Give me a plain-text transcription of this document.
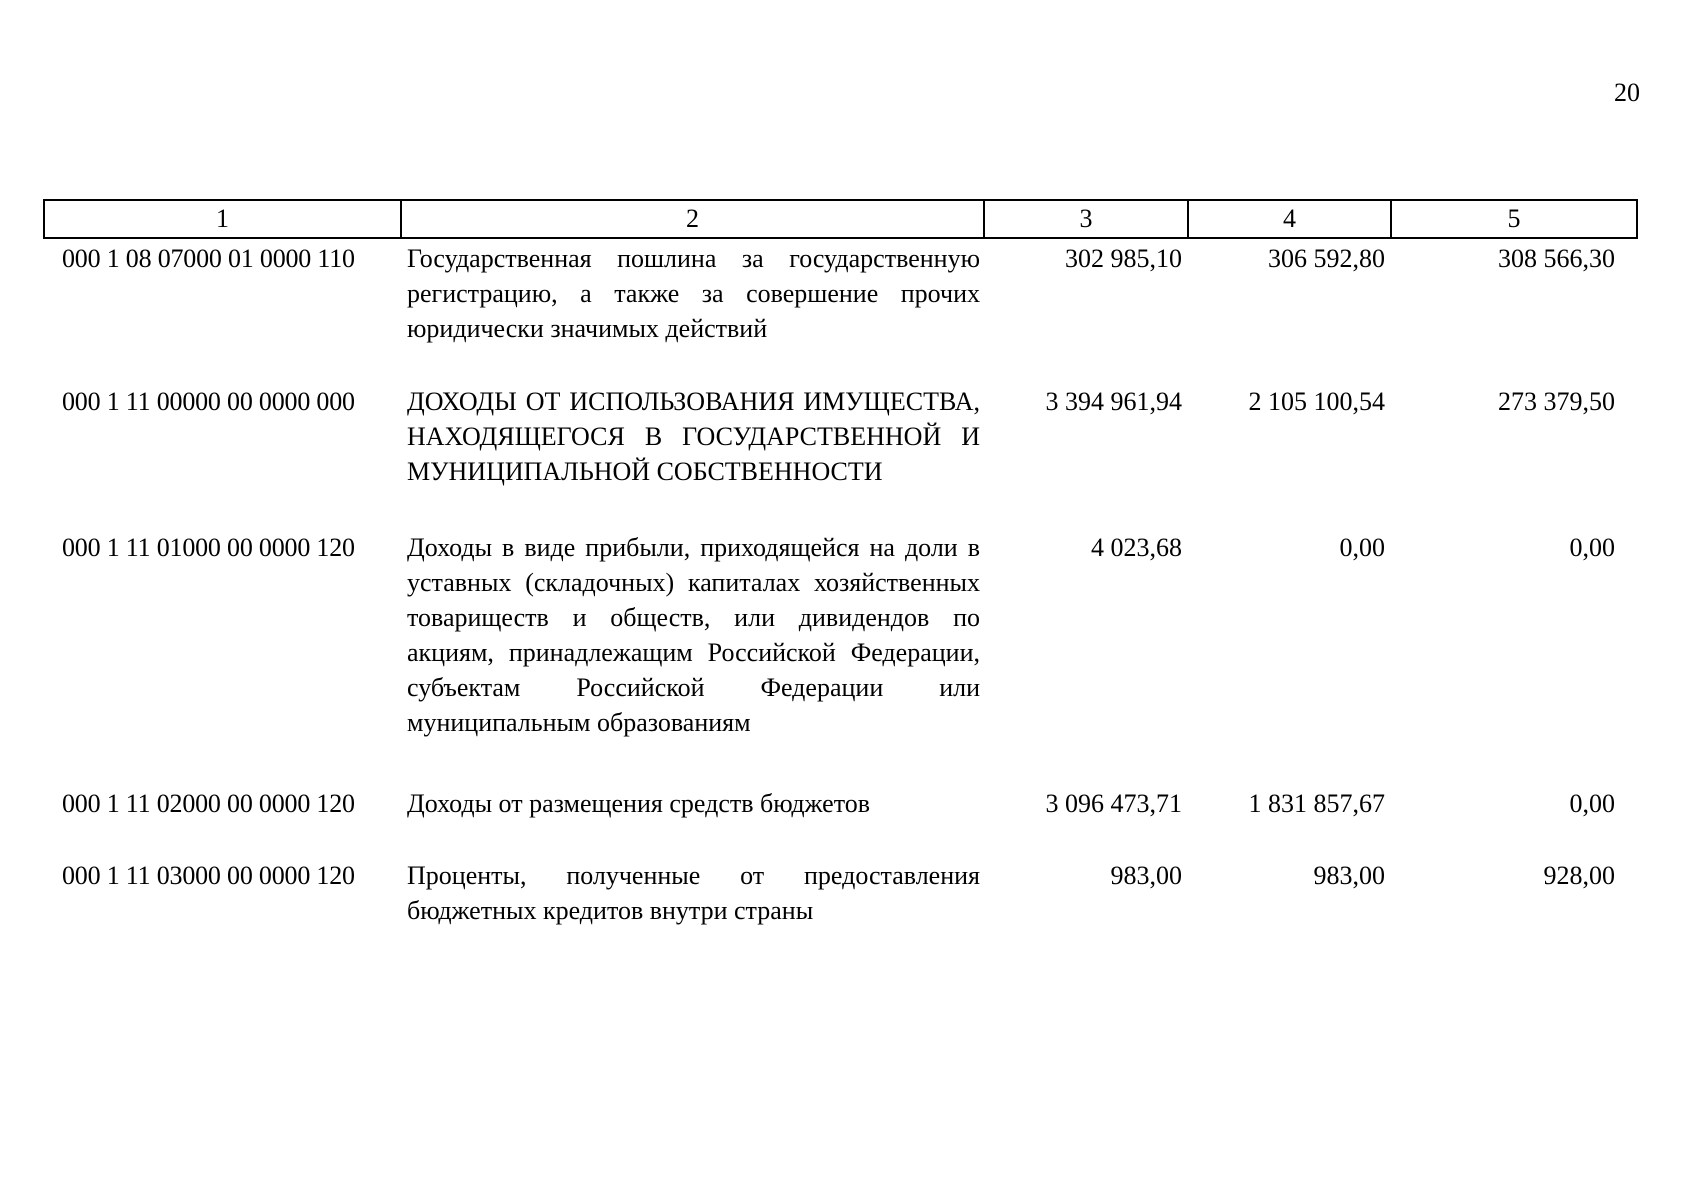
20
1	2	3	4	5
000 1 08 07000 01 0000 110	Государственная пошлина за государственную регистрацию, а также за совершение прочих юридически значимых действий	302 985,10	306 592,80	308 566,30
000 1 11 00000 00 0000 000	ДОХОДЫ ОТ ИСПОЛЬЗОВАНИЯ ИМУЩЕСТВА, НАХОДЯЩЕГОСЯ В ГОСУДАРСТВЕННОЙ И МУНИЦИПАЛЬНОЙ СОБСТВЕННОСТИ	3 394 961,94	2 105 100,54	273 379,50
000 1 11 01000 00 0000 120	Доходы в виде прибыли, приходящейся на доли в уставных (складочных) капиталах хозяйственных товариществ и обществ, или дивидендов по акциям, принадлежащим Российской Федерации, субъектам Российской Федерации или муниципальным образованиям	4 023,68	0,00	0,00
000 1 11 02000 00 0000 120	Доходы от размещения средств бюджетов	3 096 473,71	1 831 857,67	0,00
000 1 11 03000 00 0000 120	Проценты, полученные от предоставления бюджетных кредитов внутри страны	983,00	983,00	928,00
